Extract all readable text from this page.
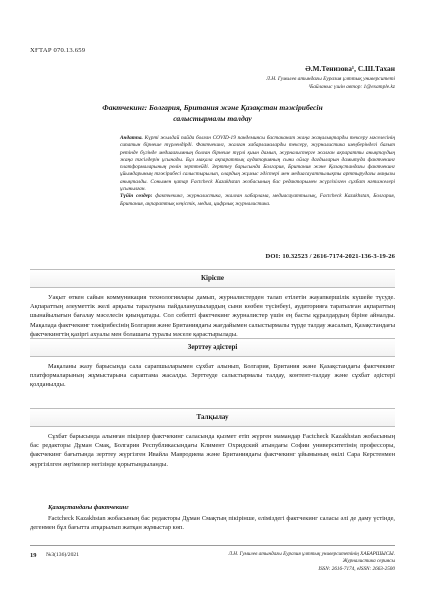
ХҒТАР 070.13.659
Ә.М.Тенизова¹, С.Ш.Тахан
Л.Н. Гумилев атындағы Еуразия ұлттық университеті
¹Байланыс үшін автор: 1@example.kz
Фактчекинг: Болгария, Британия және Қазақстан тәжірибесін
салыстырмалы талдау
Андатпа. Күрті жылдай пайда болған COVID-19 пандемиясы бастаканат жаңа жаңалықтарды тексеру мәселесінің сипатын бірнеше түрлендірді. Фактчекинг, жалған хабарламаларды тексеру, журналистика шеңберіндегі бағыт ретінде бүгінде медиаағымның болған бірнеше түрлі қиын дамып, журналистерге жалған ақпаратты анықтаудың жаңа тәсілдерін ұсынады. Бұл мақала ақпараттық аудиторияның сыни ойлау дағдыларын дамытуда фактчекинг платформаларының рөлін зерттейді. Зерттеу барысында Болгария, Британия және Қазақстандағы фактчекинг ұйымдарының тәжірибесі салыстырылып, олардың жұмыс әдістері мен медиасауаттылықты арттырудағы маңызы анықталды. Сонымен қатар Factcheck Kazakhstan жобасының бас редакторымен жүргізілген сұхбат нәтижелері ұсынылған.
Түйін сөздер: фактчекинг, журналистика, жалған хабарлама, медиасауаттылық, Factcheck Kazakhstan, Болгария, Британия, ақпараттық кеңістік, медиа, цифрлық журналистика.
DOI: 10.32523 / 2616-7174-2021-136-3-19-26
Кіріспе
Уақыт өткен сайын коммуникация технологиялары дамып, журналистерден талап етілетін жауапкершілік күшейе түсуде. Ақпараттың әлеуметтік желі арқылы таралуына пайдаланушылардың сыни көзбен түсінбеуі, аудиторияға таратылған ақпараттың шынайылығын бағалау мәселесін қиындатады. Сол себепті фактчекинг журналистер үшін ең басты құралдардың біріне айналды. Мақалада фактчекинг тәжірибесінің Болгария және Британиядағы жағдайымен салыстырмалы түрде талдау жасалып, Қазақстандағы фактчекингтің қазіргі ахуалы мен болашағы туралы мәселе қарастырылады.
Зерттеу әдістері
Мақаланы жазу барысында сала сарапшыларымен сұхбат алынып, Болгария, Британия және Қазақстандағы фактчекинг платформаларының жұмыстарына сараптама жасалды. Зерттеуде салыстырмалы талдау, контент-талдау және сұхбат әдістері қолданылды.
Талқылау
Сұхбат барысында алынған пікірлер фактчекинг саласында қызмет етіп жүрген мамандар Factcheck Kazakhstan жобасының бас редакторы Дұман Смақ, Болгария Республикасындағы Климент Охридский атындағы Софии университетінің профессоры, фактчекинг бағытында зерттеу жүргізген Ивайла Мавродиева және Британиядағы фактчекинг ұйымының өкілі Сара Керстенмен жүргізілген әңгімелер негізінде қорытындыланды.
Қазақстандағы фактчекинг
Factcheck Kazakhstan жобасының бас редакторы Дұман Смақтың пікірінше, еліміздегі фактчекинг саласы әлі де даму үстінде, дегенмен бұл бағытта атқарылып жатқан жұмыстар көп.
19 №3(136)/2021	Л.Н. Гумилев атындағы Еуразия ұлттық университетінің ХАБАРШЫСЫ.
Журналистика сериясы
ISSN: 2616-7174, eISSN: 2663-2500
